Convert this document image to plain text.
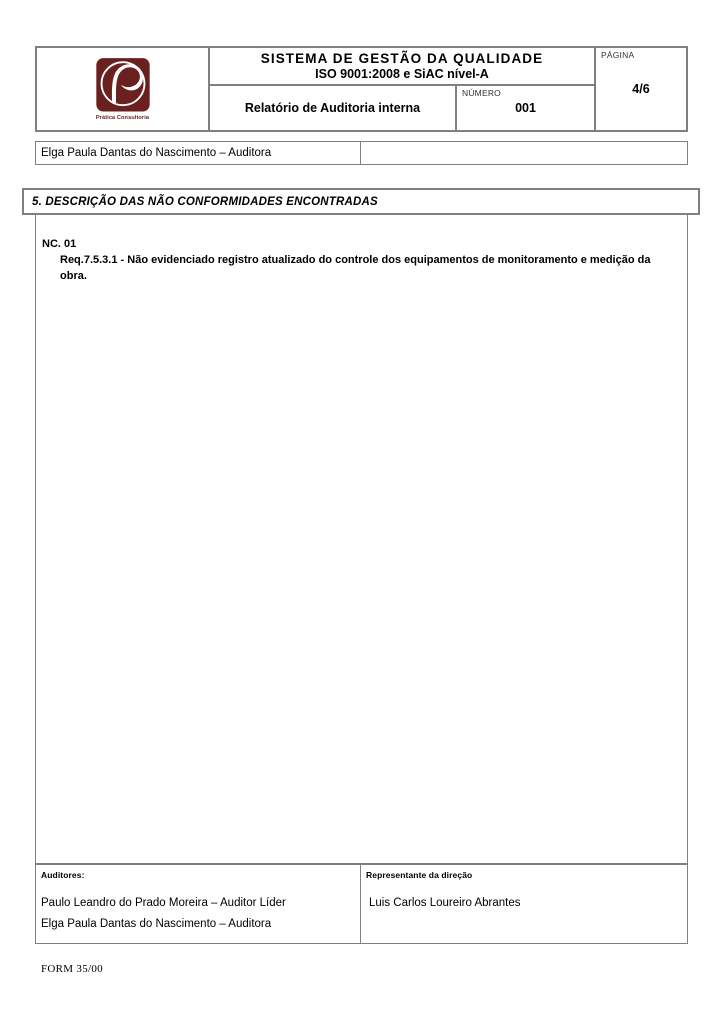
Prática Consultoria
SISTEMA DE GESTÃO DA QUALIDADE
ISO 9001:2008 e SiAC nível-A
Relatório de Auditoria interna
NÚMERO
001
PÁGINA
4/6
Elga Paula Dantas do Nascimento – Auditora
NC. 01
Req.7.5.3.1 - Não evidenciado registro atualizado do controle dos equipamentos de monitoramento e medição da obra.
5. DESCRIÇÃO DAS NÃO CONFORMIDADES ENCONTRADAS
Auditores:
Paulo Leandro do Prado Moreira – Auditor Líder
Elga Paula Dantas do Nascimento – Auditora
Representante da direção
Luis Carlos Loureiro Abrantes
FORM 35/00
